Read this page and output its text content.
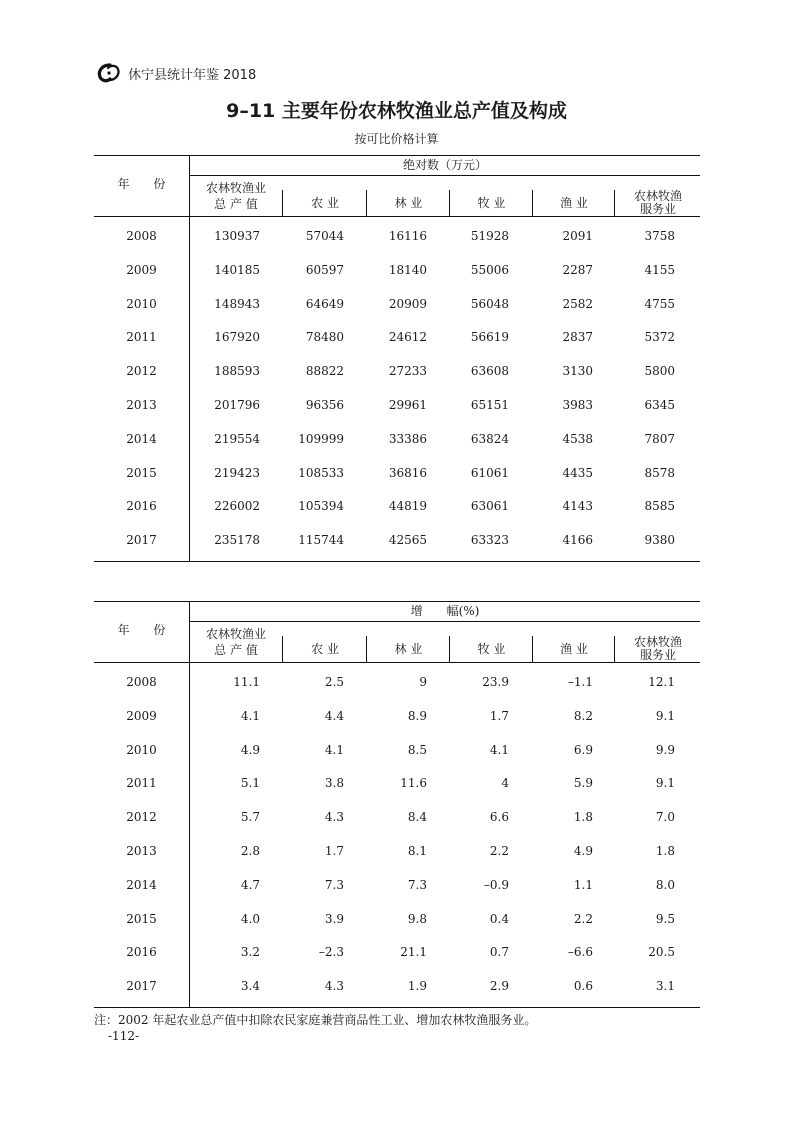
休宁县统计年鉴 2018
9–11 主要年份农林牧渔业总产值及构成
按可比价格计算
绝对数（万元）
年 份	农林牧渔业
总 产 值	农 业	林 业	牧 业	渔 业	农林牧渔
服务业
2008	130937	57044	16116	51928	2091	3758
2009	140185	60597	18140	55006	2287	4155
2010	148943	64649	20909	56048	2582	4755
2011	167920	78480	24612	56619	2837	5372
2012	188593	88822	27233	63608	3130	5800
2013	201796	96356	29961	65151	3983	6345
2014	219554	109999	33386	63824	4538	7807
2015	219423	108533	36816	61061	4435	8578
2016	226002	105394	44819	63061	4143	8585
2017	235178	115744	42565	63323	4166	9380
增　　幅(%)
年 份	农林牧渔业
总 产 值	农 业	林 业	牧 业	渔 业	农林牧渔
服务业
2008	11.1	2.5	9	23.9	–1.1	12.1
2009	4.1	4.4	8.9	1.7	8.2	9.1
2010	4.9	4.1	8.5	4.1	6.9	9.9
2011	5.1	3.8	11.6	4	5.9	9.1
2012	5.7	4.3	8.4	6.6	1.8	7.0
2013	2.8	1.7	8.1	2.2	4.9	1.8
2014	4.7	7.3	7.3	–0.9	1.1	8.0
2015	4.0	3.9	9.8	0.4	2.2	9.5
2016	3.2	–2.3	21.1	0.7	–6.6	20.5
2017	3.4	4.3	1.9	2.9	0.6	3.1
注：2002 年起农业总产值中扣除农民家庭兼营商品性工业、增加农林牧渔服务业。
-112-
